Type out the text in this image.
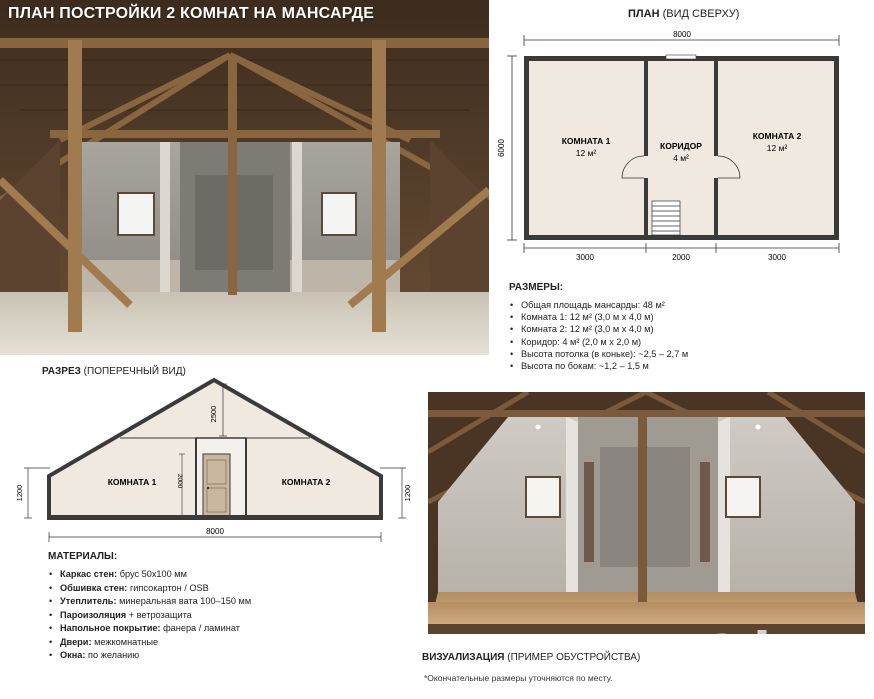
ПЛАН ПОСТРОЙКИ 2 КОМНАТ НА МАНСАРДЕ	ПЛАН (ВИД СВЕРХУ)
8000
6000	КОМНАТА 1
12 м²
КОРИДОР
4 м²
КОМНАТА 2
12 м²
3000	2000	3000
РАЗМЕРЫ:
• Общая площадь мансарды: 48 м²
• Комната 1: 12 м² (3,0 м х 4,0 м)
• Комната 2: 12 м² (3,0 м х 4,0 м)
• Коридор: 4 м² (2,0 м х 2,0 м)
• Высота потолка (в коньке): ~2,5 – 2,7 м
• Высота по бокам: ~1,2 – 1,5 м
РАЗРЕЗ (ПОПЕРЕЧНЫЙ ВИД)
2500
2000
1200	1200
КОМНАТА 1	КОМНАТА 2
8000
МАТЕРИАЛЫ:
• Каркас стен: брус 50х100 мм
• Обшивка стен: гипсокартон / OSB
• Утеплитель: минеральная вата 100–150 мм
• Пароизоляция + ветрозащита
• Напольное покрытие: фанера / ламинат
• Двери: межкомнатные
• Окна: по желанию	ВИЗУАЛИЗАЦИЯ (ПРИМЕР ОБУСТРОЙСТВА)
*Окончательные размеры уточняются по месту.	.uz
